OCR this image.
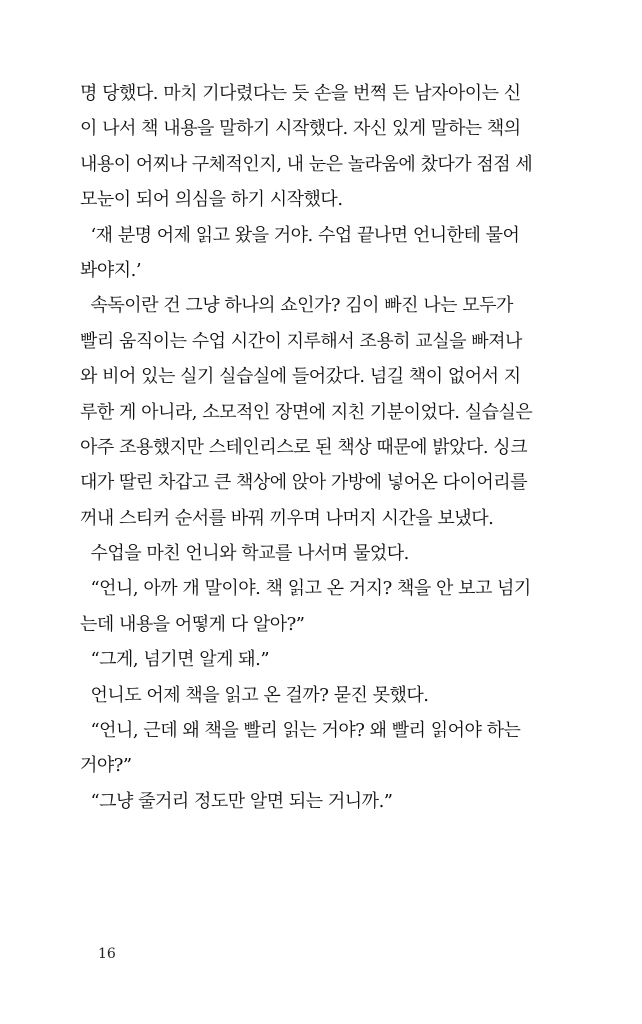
명 당했다. 마치 기다렸다는 듯 손을 번쩍 든 남자아이는 신
이 나서 책 내용을 말하기 시작했다. 자신 있게 말하는 책의
내용이 어찌나 구체적인지, 내 눈은 놀라움에 찼다가 점점 세
모눈이 되어 의심을 하기 시작했다.
‘재 분명 어제 읽고 왔을 거야. 수업 끝나면 언니한테 물어
봐야지.’
속독이란 건 그냥 하나의 쇼인가? 김이 빠진 나는 모두가
빨리 움직이는 수업 시간이 지루해서 조용히 교실을 빠져나
와 비어 있는 실기 실습실에 들어갔다. 넘길 책이 없어서 지
루한 게 아니라, 소모적인 장면에 지친 기분이었다. 실습실은
아주 조용했지만 스테인리스로 된 책상 때문에 밝았다. 싱크
대가 딸린 차갑고 큰 책상에 앉아 가방에 넣어온 다이어리를
꺼내 스티커 순서를 바꿔 끼우며 나머지 시간을 보냈다.
수업을 마친 언니와 학교를 나서며 물었다.
“언니, 아까 개 말이야. 책 읽고 온 거지? 책을 안 보고 넘기
는데 내용을 어떻게 다 알아?”
“그게, 넘기면 알게 돼.”
언니도 어제 책을 읽고 온 걸까? 묻진 못했다.
“언니, 근데 왜 책을 빨리 읽는 거야? 왜 빨리 읽어야 하는
거야?”
“그냥 줄거리 정도만 알면 되는 거니까.”
16
